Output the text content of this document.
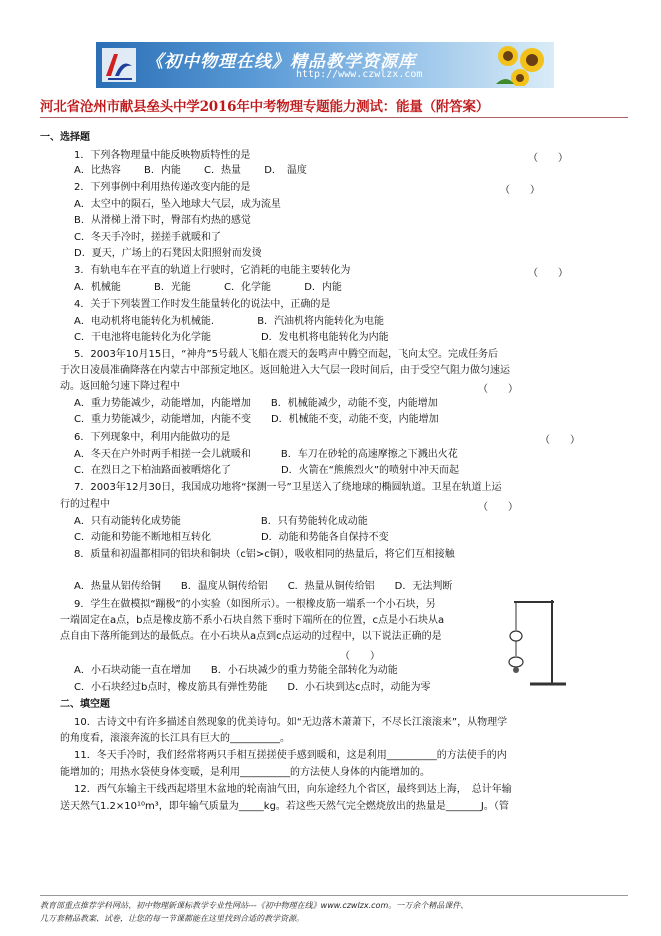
《初中物理在线》精品教学资源库
http://www.czwlzx.com
河北省沧州市献县垒头中学2016年中考物理专题能力测试：能量（附答案）
一、选择题
1．下列各物理量中能反映物质特性的是
A．比热容　　 B．内能　　 C．热量　　 D．　温度
2．下列事例中利用热传递改变内能的是
A．太空中的陨石，坠入地球大气层，成为流星
B．从滑梯上滑下时，臀部有灼热的感觉
C．冬天手冷时，搓搓手就暖和了
D．夏天，广场上的石凳因太阳照射而发烫
3．有轨电车在平直的轨道上行驶时，它消耗的电能主要转化为
A．机械能　　　 B．光能　　　 C．化学能　　　 D．内能
4．关于下列装置工作时发生能量转化的说法中，正确的是
A．电动机将电能转化为机械能.　　　　 B．汽油机将内能转化为电能
C．干电池将电能转化为化学能　　　　　D．发电机将电能转化为内能
5．2003年10月15日，“神舟”5号载人飞船在震天的轰鸣声中腾空而起，飞向太空。完成任务后
于次日凌晨准确降落在内蒙古中部预定地区。返回舱进入大气层一段时间后，由于受空气阻力做匀速运
动。返回舱匀速下降过程中
A．重力势能减少，动能增加，内能增加　　B．机械能减少，动能不变，内能增加
C．重力势能减少，动能增加，内能不变　　D．机械能不变，动能不变，内能增加
6．下列现象中，利用内能做功的是
A．冬天在户外时两手相搓一会儿就暖和　　　B．车刀在砂轮的高速摩擦之下溅出火花
C．在烈日之下柏油路面被晒熔化了　　　　　D．火箭在“熊熊烈火”的喷射中冲天而起
7．2003年12月30日，我国成功地将“探测一号”卫星送入了绕地球的椭圆轨道。卫星在轨道上运
行的过程中
A．只有动能转化成势能　　　　　　　　B．只有势能转化成动能
C．动能和势能不断地相互转化　　　　　D．动能和势能各自保持不变
8．质量和初温都相同的铝块和铜块（c铝>c铜），吸收相同的热量后，将它们互相接触
A．热量从铝传给铜　　B．温度从铜传给铝　　C．热量从铜传给铝　　D．无法判断
9．学生在做模拟“蹦极”的小实验（如图所示）。一根橡皮筋一端系一个小石块，另
一端固定在a点，b点是橡皮筋不系小石块自然下垂时下端所在的位置，c点是小石块从a
点自由下落所能到达的最低点。在小石块从a点到c点运动的过程中，以下说法正确的是
A．小石块动能一直在增加　　B．小石块减少的重力势能全部转化为动能
C．小石块经过b点时，橡皮筋具有弹性势能　　D．小石块到达c点时，动能为零
二、填空题
10．古诗文中有许多描述自然现象的优美诗句。如“无边落木萧萧下，不尽长江滚滚来”，从物理学
的角度看，滚滚奔流的长江具有巨大的__________。
11．冬天手冷时，我们经常将两只手相互搓搓使手感到暖和，这是利用__________的方法使手的内
能增加的；用热水袋使身体变暖，是利用__________的方法使人身体的内能增加的。
12．西气东输主干线西起塔里木盆地的轮南油气田，向东途经九个省区，最终到达上海，　总计年输
送天然气1.2×10¹⁰m³，即年输气质量为_____kg。若这些天然气完全燃烧放出的热量是_______J。（管
（　　）
（　　）
（　　）
（　　）
（　　）
（　　）
（　　）
教育部重点推荐学科网站、初中物理新课标教学专业性网站---《初中物理在线》www.czwlzx.com。一万余个精品课件、
几万套精品教案、试卷，让您的每一节课都能在这里找到合适的教学资源。
